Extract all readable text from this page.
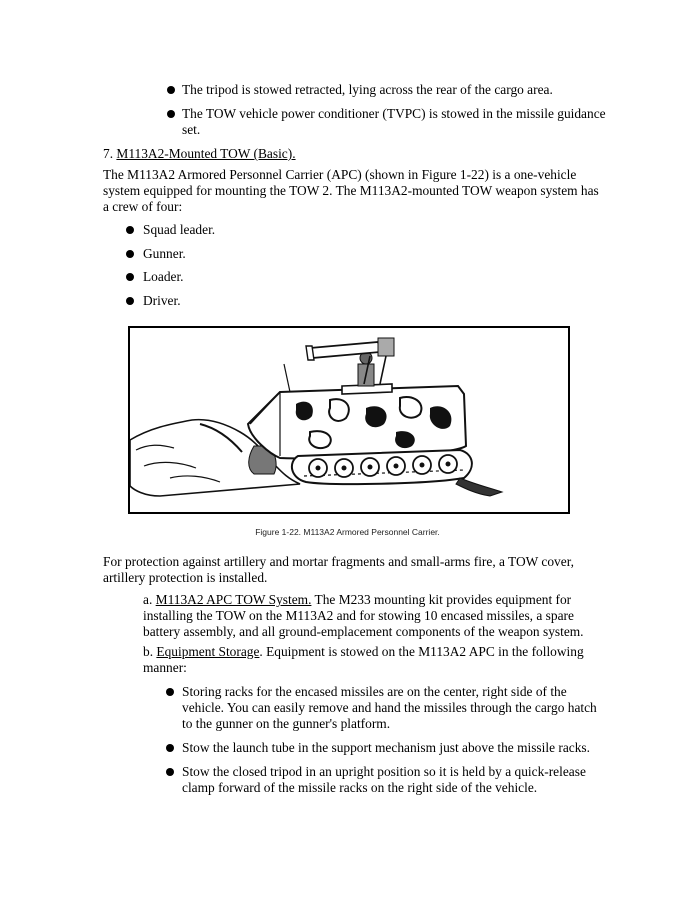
The tripod is stowed retracted, lying across the rear of the cargo area.
The TOW vehicle power conditioner (TVPC) is stowed in the missile guidance set.
7. M113A2-Mounted TOW (Basic).

The M113A2 Armored Personnel Carrier (APC) (shown in Figure 1-22) is a one-vehicle system equipped for mounting the TOW 2. The M113A2-mounted TOW weapon system has a crew of four:

Squad leader.
Gunner.
Loader.
Driver.
Figure 1-22. M113A2 Armored Personnel Carrier.

For protection against artillery and mortar fragments and small-arms fire, a TOW cover, artillery protection is installed.

a. M113A2 APC TOW System. The M233 mounting kit provides equipment for installing the TOW on the M113A2 and for stowing 10 encased missiles, a spare battery assembly, and all ground-emplacement components of the weapon system.

b. Equipment Storage. Equipment is stowed on the M113A2 APC in the following manner:

Storing racks for the encased missiles are on the center, right side of the vehicle. You can easily remove and hand the missiles through the cargo hatch to the gunner on the gunner's platform.
Stow the launch tube in the support mechanism just above the missile racks.
Stow the closed tripod in an upright position so it is held by a quick-release clamp forward of the missile racks on the right side of the vehicle.
